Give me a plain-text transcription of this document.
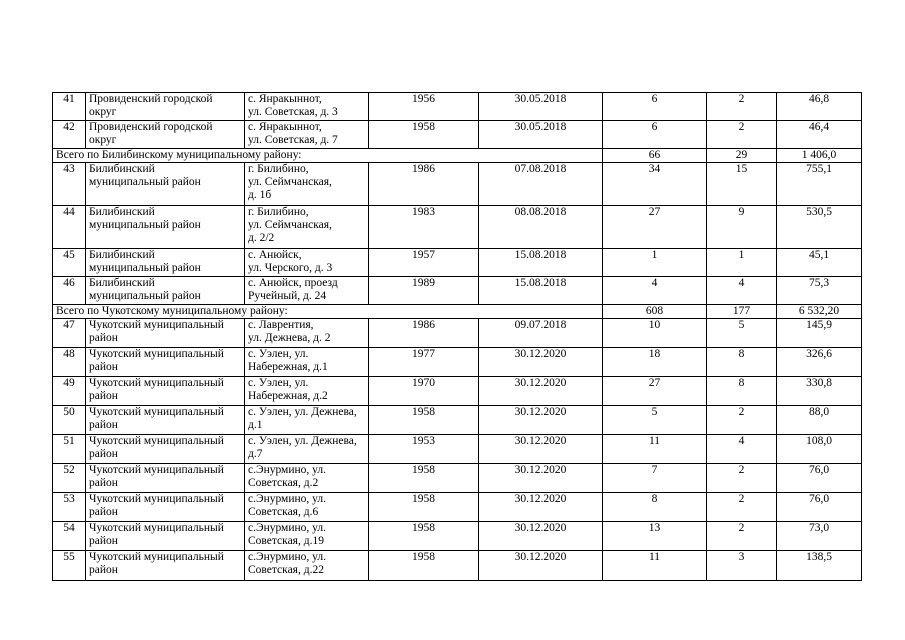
41	Провиденский городской
округ	с. Янракыннот,
ул. Советская, д. 3	1956	30.05.2018	6	2	46,8
42	Провиденский городской
округ	с. Янракыннот,
ул. Советская, д. 7	1958	30.05.2018	6	2	46,4
Всего по Билибинскому муниципальному району:					66	29	1 406,0
43	Билибинский
муниципальный район	г. Билибино,
ул. Сеймчанская,
д. 1б	1986	07.08.2018	34	15	755,1
44	Билибинский
муниципальный район	г. Билибино,
ул. Сеймчанская,
д. 2/2	1983	08.08.2018	27	9	530,5
45	Билибинский
муниципальный район	с. Анюйск,
ул. Черского, д. 3	1957	15.08.2018	1	1	45,1
46	Билибинский
муниципальный район	с. Анюйск, проезд
Ручейный, д. 24	1989	15.08.2018	4	4	75,3
Всего по Чукотскому муниципальному району:					608	177	6 532,20
47	Чукотский муниципальный
район	с. Лаврентия,
ул. Дежнева, д. 2	1986	09.07.2018	10	5	145,9
48	Чукотский муниципальный
район	с. Уэлен, ул.
Набережная, д.1	1977	30.12.2020	18	8	326,6
49	Чукотский муниципальный
район	с. Уэлен, ул.
Набережная, д.2	1970	30.12.2020	27	8	330,8
50	Чукотский муниципальный
район	с. Уэлен, ул. Дежнева,
д.1	1958	30.12.2020	5	2	88,0
51	Чукотский муниципальный
район	с. Уэлен, ул. Дежнева,
д.7	1953	30.12.2020	11	4	108,0
52	Чукотский муниципальный
район	с.Энурмино, ул.
Советская, д.2	1958	30.12.2020	7	2	76,0
53	Чукотский муниципальный
район	с.Энурмино, ул.
Советская, д.6	1958	30.12.2020	8	2	76,0
54	Чукотский муниципальный
район	с.Энурмино, ул.
Советская, д.19	1958	30.12.2020	13	2	73,0
55	Чукотский муниципальный
район	с.Энурмино, ул.
Советская, д.22	1958	30.12.2020	11	3	138,5
